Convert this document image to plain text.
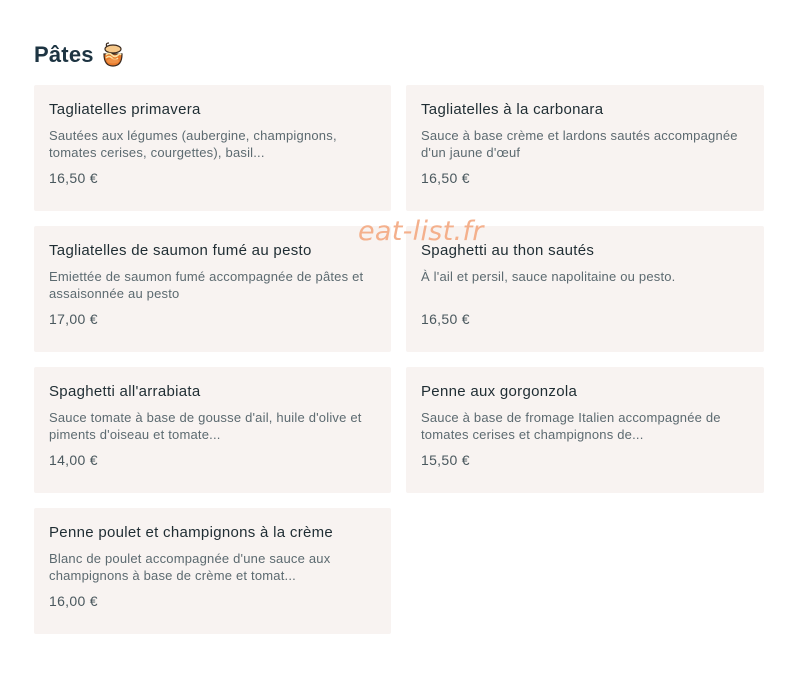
Pâtes
Tagliatelles primavera
Sautées aux légumes (aubergine, champignons, tomates cerises, courgettes), basil...
16,50 €
Tagliatelles à la carbonara
Sauce à base crème et lardons sautés accompagnée d'un jaune d'œuf
16,50 €
Tagliatelles de saumon fumé au pesto
Emiettée de saumon fumé accompagnée de pâtes et assaisonnée au pesto
17,00 €
Spaghetti au thon sautés
À l'ail et persil, sauce napolitaine ou pesto.
16,50 €
Spaghetti all'arrabiata
Sauce tomate à base de gousse d'ail, huile d'olive et piments d'oiseau et tomate...
14,00 €
Penne aux gorgonzola
Sauce à base de fromage Italien accompagnée de tomates cerises et champignons de...
15,50 €
Penne poulet et champignons à la crème
Blanc de poulet accompagnée d'une sauce aux champignons à base de crème et tomat...
16,00 €
eat-list.fr
